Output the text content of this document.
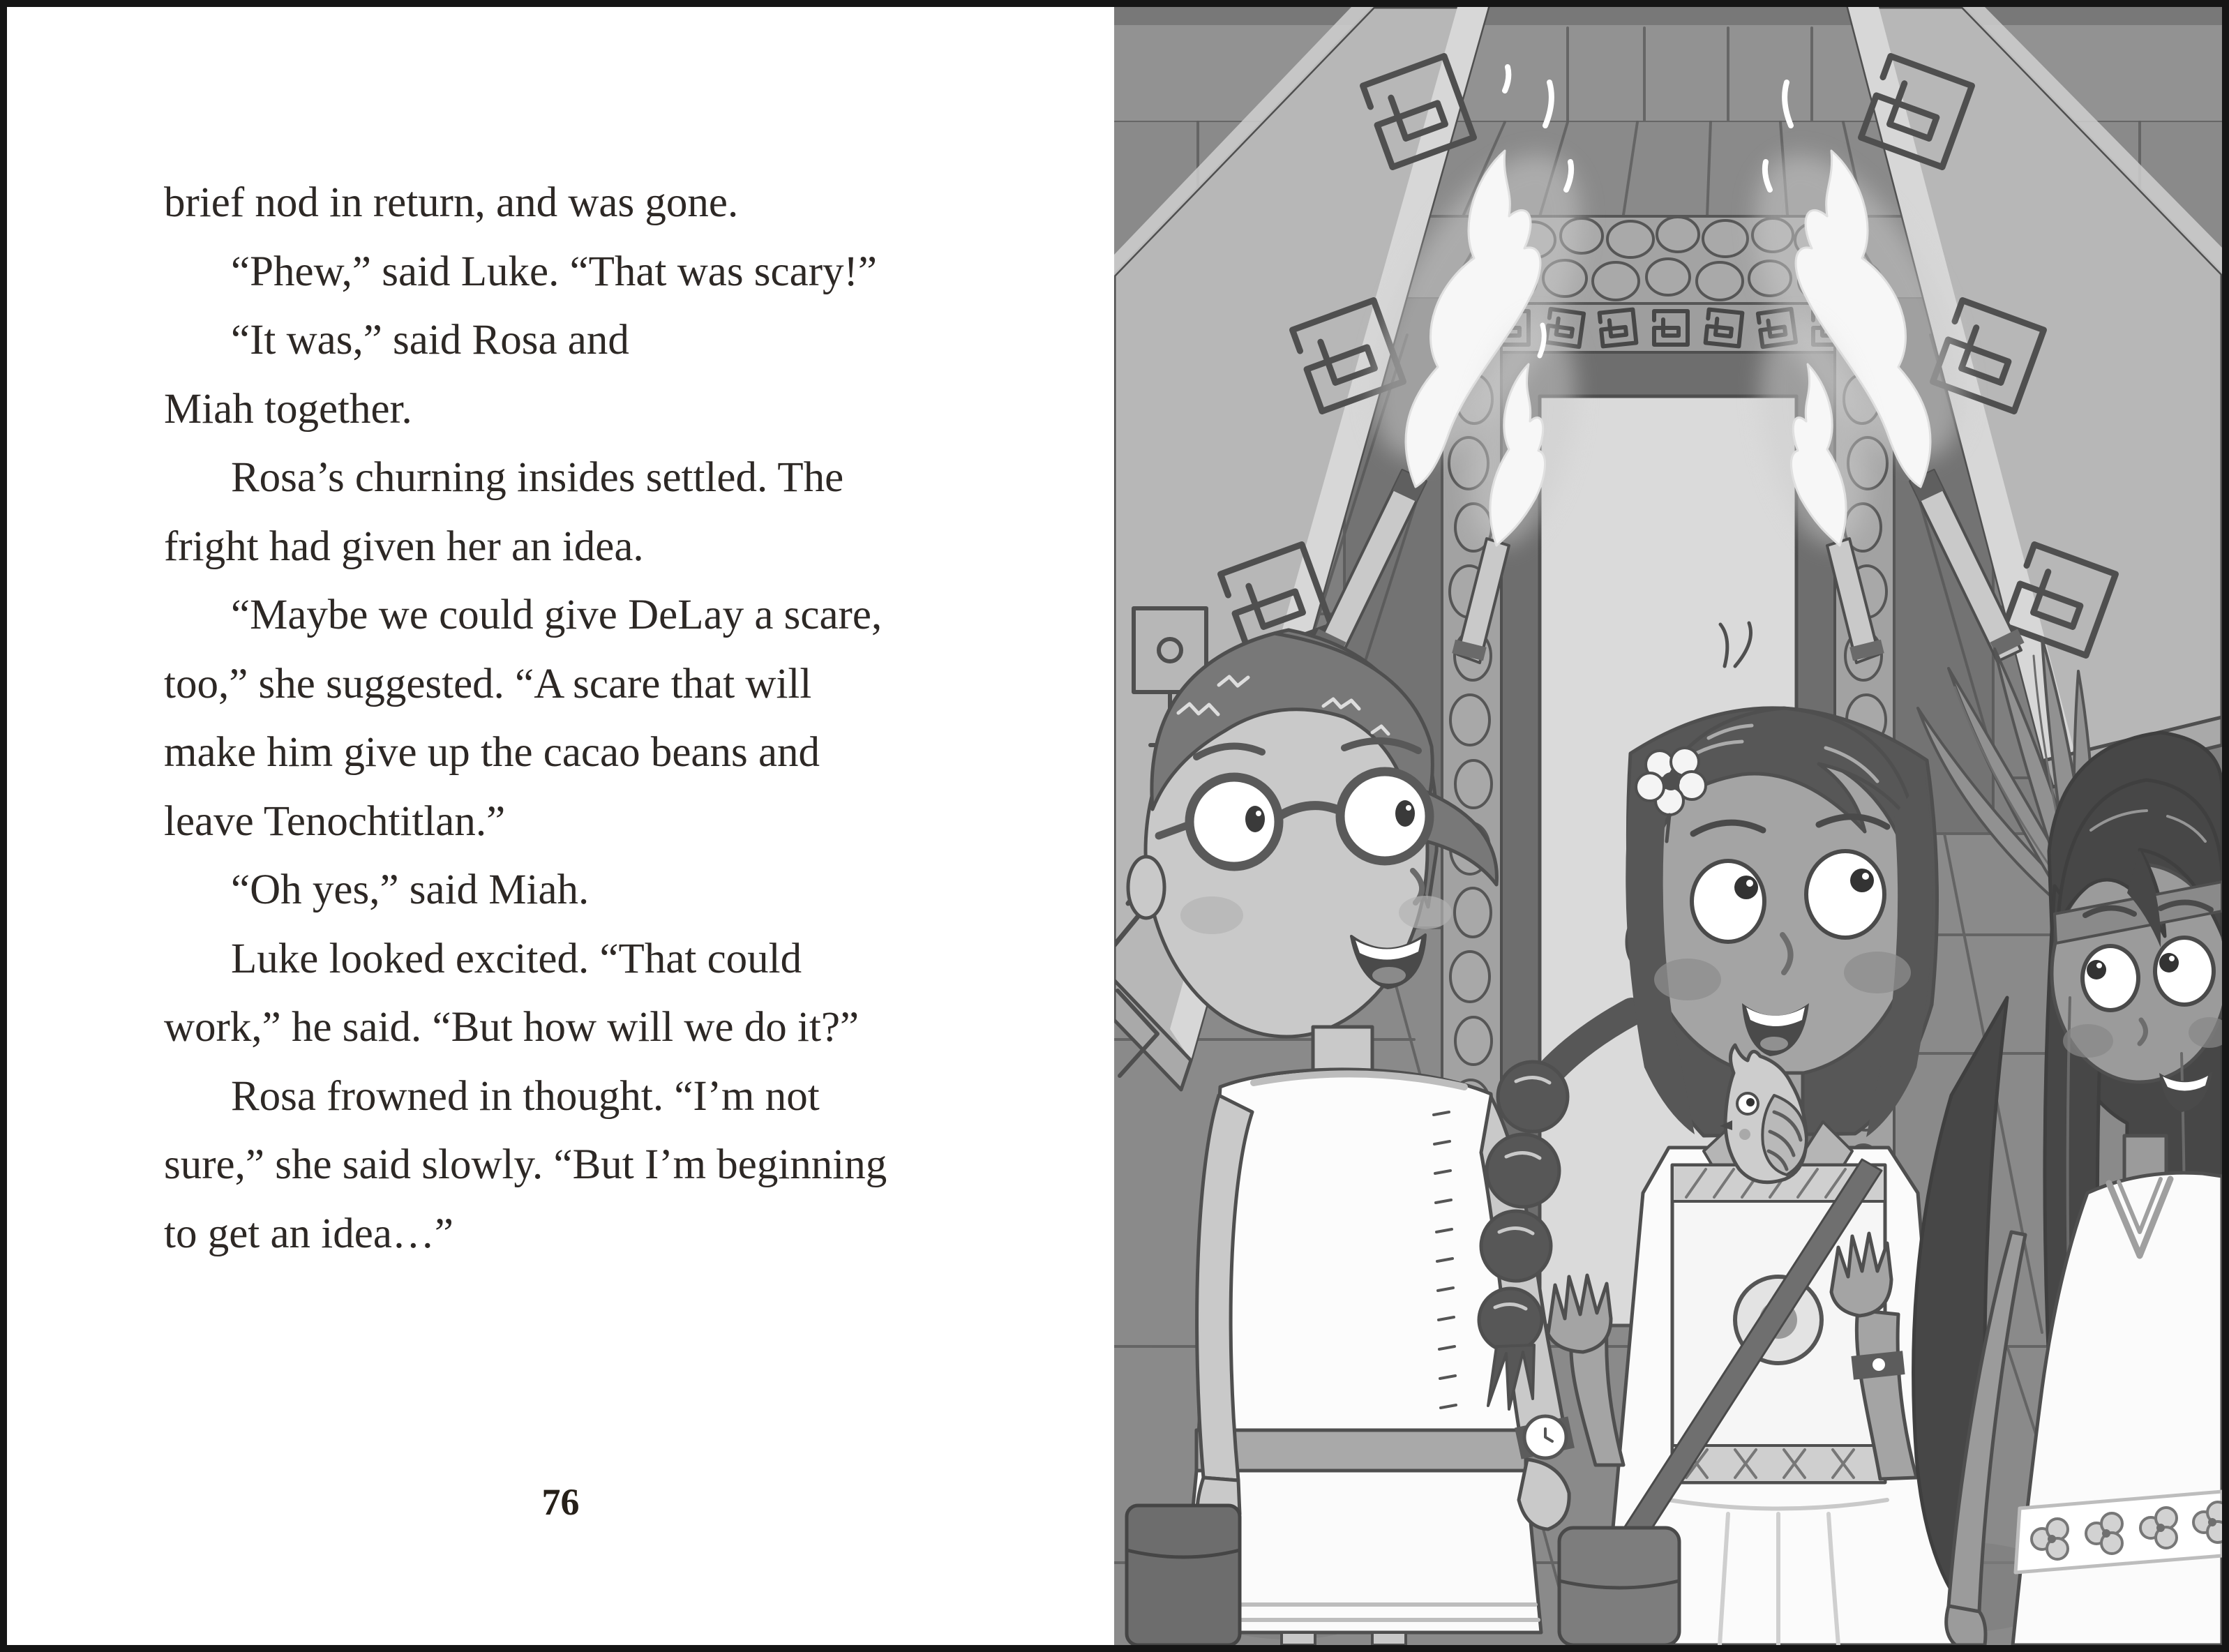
brief nod in return, and was gone.
“Phew,” said Luke. “That was scary!”
“It was,” said Rosa and
Miah together.
Rosa’s churning insides settled. The
fright had given her an idea.
“Maybe we could give DeLay a scare,
too,” she suggested. “A scare that will
make him give up the cacao beans and
leave Tenochtitlan.”
“Oh yes,” said Miah.
Luke looked excited. “That could
work,” he said. “But how will we do it?”
Rosa frowned in thought. “I’m not
sure,” she said slowly. “But I’m beginning
to get an idea…”
76
